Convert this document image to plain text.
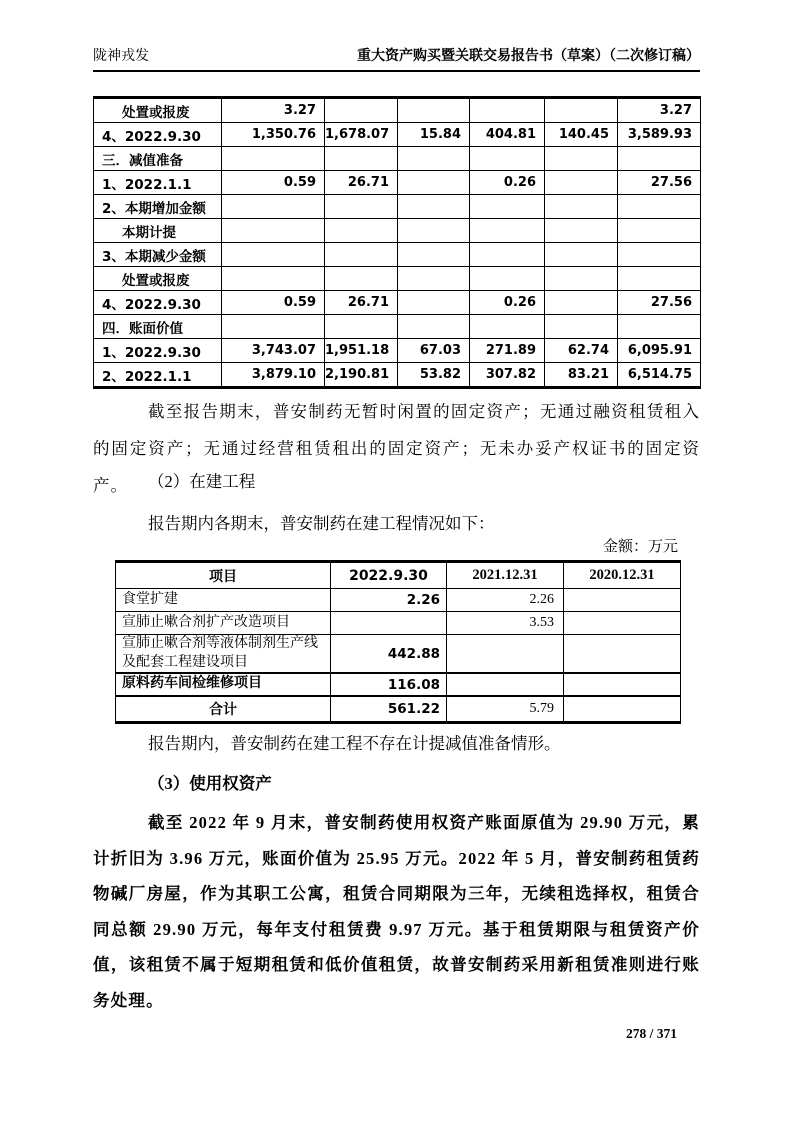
陇神戎发	重大资产购买暨关联交易报告书（草案）（二次修订稿）
处置或报废	3.27					3.27
4、2022.9.30	1,350.76	1,678.07	15.84	404.81	140.45	3,589.93
三．减值准备						
1、2022.1.1	0.59	26.71		0.26		27.56
2、本期增加金额						
本期计提						
3、本期减少金额						
处置或报废						
4、2022.9.30	0.59	26.71		0.26		27.56
四．账面价值						
1、2022.9.30	3,743.07	1,951.18	67.03	271.89	62.74	6,095.91
2、2022.1.1	3,879.10	2,190.81	53.82	307.82	83.21	6,514.75

截至报告期末，普安制药无暂时闲置的固定资产；无通过融资租赁租入的固定资产；无通过经营租赁租出的固定资产；无未办妥产权证书的固定资产。	（2）在建工程

报告期内各期末，普安制药在建工程情况如下：

金额：万元

项目	2022.9.30	2021.12.31	2020.12.31
食堂扩建	2.26	2.26	
宣肺止嗽合剂扩产改造项目		3.53	
宣肺止嗽合剂等液体制剂生产线及配套工程建设项目	442.88		
原料药车间检维修项目	116.08		
合计	561.22	5.79	

报告期内，普安制药在建工程不存在计提减值准备情形。

（3）使用权资产

截至 2022 年 9 月末，普安制药使用权资产账面原值为 29.90 万元，累计折旧为 3.96 万元，账面价值为 25.95 万元。2022 年 5 月，普安制药租赁药物碱厂房屋，作为其职工公寓，租赁合同期限为三年，无续租选择权，租赁合同总额 29.90 万元，每年支付租赁费 9.97 万元。基于租赁期限与租赁资产价值，该租赁不属于短期租赁和低价值租赁，故普安制药采用新租赁准则进行账务处理。

278 / 371
